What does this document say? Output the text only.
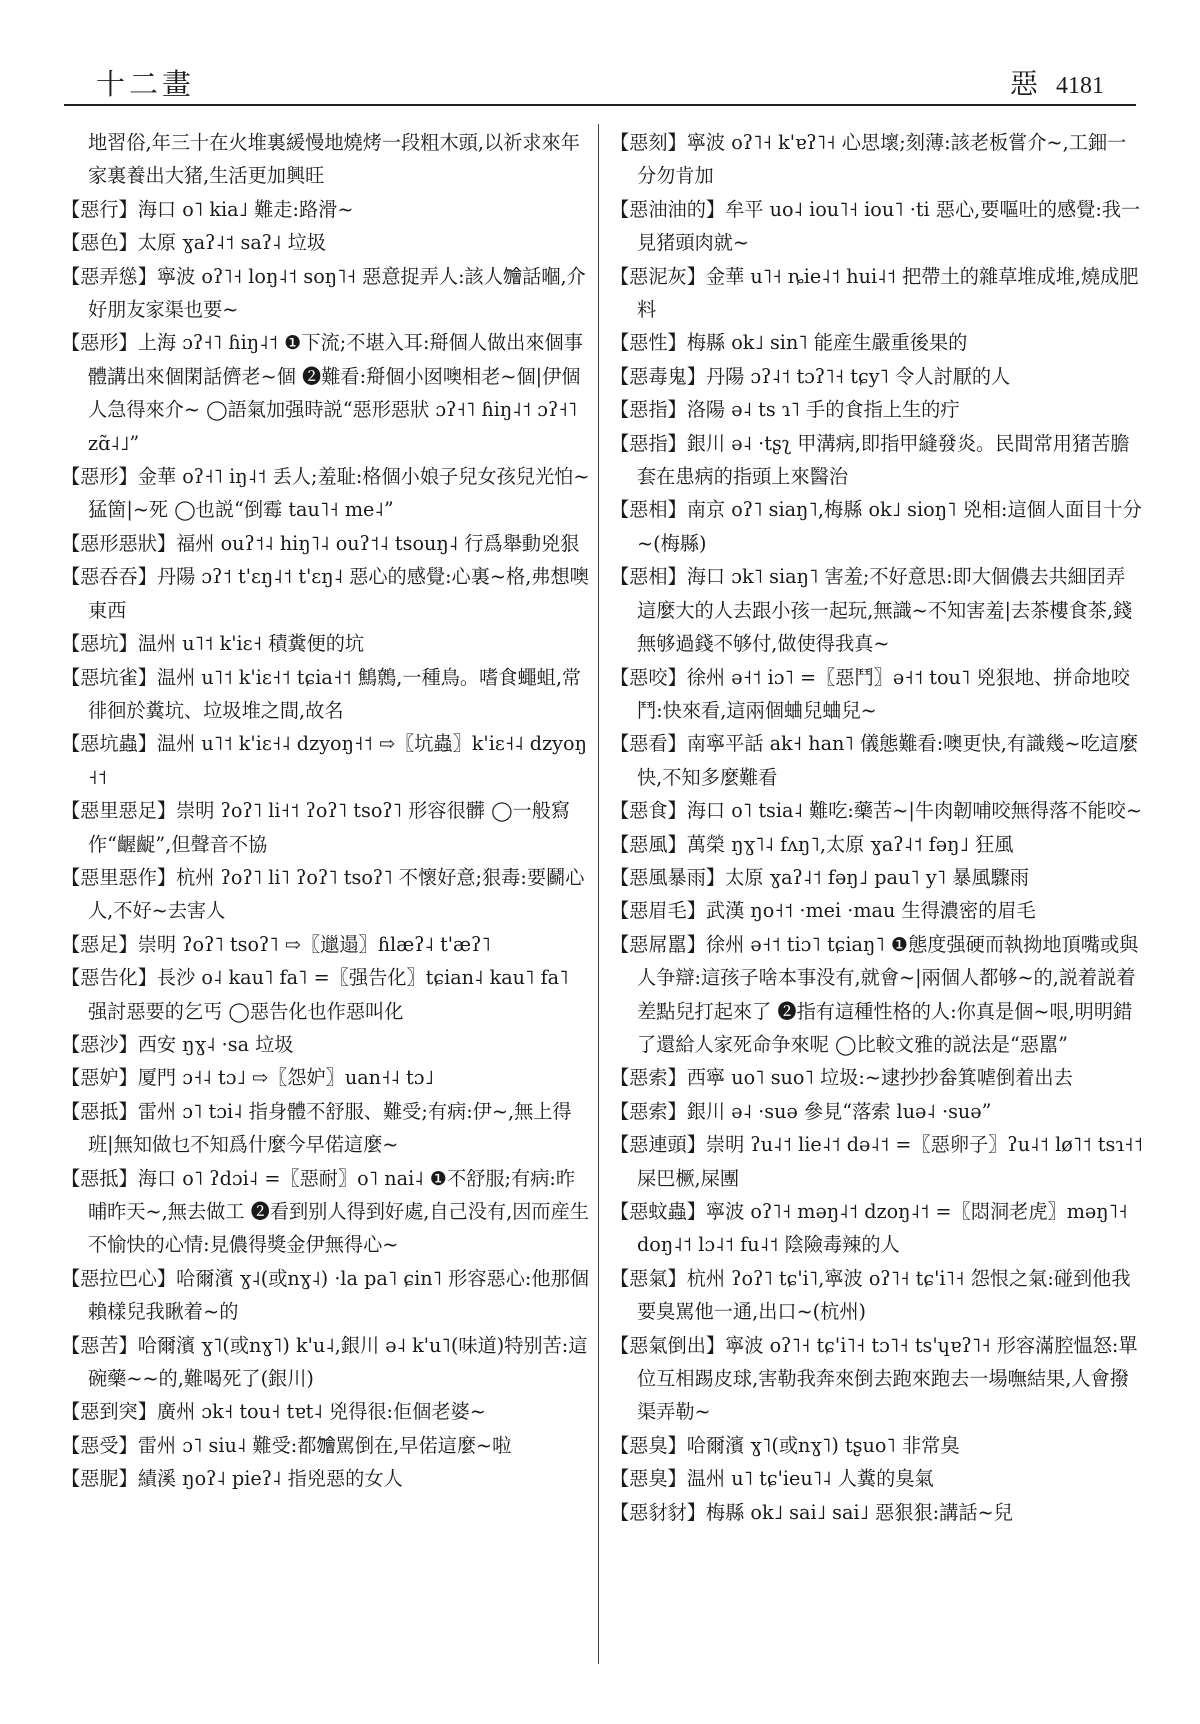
十二畫	惡 4181
地習俗,年三十在火堆裏緩慢地燒烤一段粗木頭,以祈求來年家裏養出大猪,生活更加興旺
【惡行】海口 o˥ kia˩ 難走:路滑~
【惡色】太原 ɣaʔ˨˦ saʔ˨ 垃圾
【惡弄慫】寧波 oʔ˥˧ loŋ˨˦ soŋ˥˧ 惡意捉弄人:該人𣍐話嗰,介好朋友家渠也要~
【惡形】上海 ɔʔ˧˥ ɦiŋ˨˦ ❶下流;不堪入耳:搿個人做出來個事體講出來個閑話儕老~個 ❷難看:搿個小囡噢相老~個|伊個人急得來介~ ◯語氣加强時説“惡形惡狀 ɔʔ˧˥ ɦiŋ˨˦ ɔʔ˧˥ zɑ̃˨˩”
【惡形】金華 oʔ˧˥ iŋ˨˦ 丢人;羞耻:格個小娘子兒女孩兒光怕~猛箇|~死 ◯也説“倒霉 tau˥˧ me˨”
【惡形惡狀】福州 ouʔ˦˨ hiŋ˥˨ ouʔ˦˨ tsouŋ˨ 行爲舉動兇狠
【惡吞吞】丹陽 ɔʔ˦ t'ɛŋ˨˦ t'ɛŋ˨ 惡心的感覺:心裏~格,弗想噢東西
【惡坑】温州 u˥˦ k'iɛ˧ 積糞便的坑
【惡坑雀】温州 u˥˦ k'iɛ˧˦ tɕia˧˦ 鷦鷯,一種鳥。嗜食蠅蛆,常徘徊於糞坑、垃圾堆之間,故名
【惡坑蟲】温州 u˥˦ k'iɛ˧˨ dzyoŋ˧˦ ⇨〖坑蟲〗k'iɛ˧˨ dzyoŋ˧˦
【惡里惡足】崇明 ʔoʔ˥ li˧˦ ʔoʔ˥ tsoʔ˥ 形容很髒 ◯一般寫作“齷齪”,但聲音不協
【惡里惡作】杭州 ʔoʔ˥ li˥ ʔoʔ˥ tsoʔ˥ 不懷好意;狠毒:要鬬心人,不好~去害人
【惡足】崇明 ʔoʔ˥ tsoʔ˥ ⇨〖邋遢〗ɦlæʔ˨ t'æʔ˥
【惡告化】長沙 o˨ kau˥ fa˥ =〖强告化〗tɕian˨ kau˥ fa˥ 强討惡要的乞丐 ◯惡告化也作惡叫化
【惡沙】西安 ŋɣ˨ ·sa 垃圾
【惡妒】厦門 ɔ˧˨ tɔ˩ ⇨〖怨妒〗uan˧˨ tɔ˩
【惡抵】雷州 ɔ˥ tɔi˨ 指身體不舒服、難受;有病:伊~,無上得班|無知做乜不知爲什麼今早偌這麼~
【惡抵】海口 o˥ ʔdɔi˨ =〖惡耐〗o˥ nai˨ ❶不舒服;有病:昨晡昨天~,無去做工 ❷看到别人得到好處,自己没有,因而産生不愉快的心情:見儂得獎金伊無得心~
【惡拉巴心】哈爾濱 ɣ˨(或nɣ˨) ·la pa˥ ɕin˥ 形容惡心:他那個賴樣兒我瞅着~的
【惡苦】哈爾濱 ɣ˥(或nɣ˥) k'u˨,銀川 ə˨ k'u˥(味道)特别苦:這碗藥~~的,難喝死了(銀川)
【惡到突】廣州 ɔk˧ tou˧ tɐt˨ 兇得很:佢個老婆~
【惡受】雷州 ɔ˥ siu˨ 難受:都𣍐駡倒在,早偌這麼~啦
【惡胒】績溪 ŋoʔ˨ pieʔ˨ 指兇惡的女人
【惡刻】寧波 oʔ˥˧ k'ɐʔ˥˧ 心思壞;刻薄:該老板嘗介~,工鈿一分勿肯加
【惡油油的】牟平 uo˨ iou˥˧ iou˥ ·ti 惡心,要嘔吐的感覺:我一見猪頭肉就~
【惡泥灰】金華 u˥˧ ȵie˨˦ hui˨˦ 把帶土的雜草堆成堆,燒成肥料
【惡性】梅縣 ok˩ sin˥ 能産生嚴重後果的
【惡毒鬼】丹陽 ɔʔ˨˦ tɔʔ˥˧ tɕy˥ 令人討厭的人
【惡指】洛陽 ə˨ ts ɿ˥ 手的食指上生的疔
【惡指】銀川 ə˨ ·tʂʅ 甲溝病,即指甲縫發炎。民間常用猪苦膽套在患病的指頭上來醫治
【惡相】南京 oʔ˥ siaŋ˥,梅縣 ok˩ sioŋ˥ 兇相:這個人面目十分~(梅縣)
【惡相】海口 ɔk˥ siaŋ˥ 害羞;不好意思:即大個儂去共細囝弄這麼大的人去跟小孩一起玩,無識~不知害羞|去茶樓食茶,錢無够過錢不够付,做使得我真~
【惡咬】徐州 ə˧˦ iɔ˥ =〖惡鬥〗ə˧˦ tou˥ 兇狠地、拼命地咬鬥:快來看,這兩個蛐兒蛐兒~
【惡看】南寧平話 ak˧ han˥ 儀態難看:噢更快,有識幾~吃這麼快,不知多麼難看
【惡食】海口 o˥ tsia˨ 難吃:藥苦~|牛肉韌哺咬無得落不能咬~
【惡風】萬榮 ŋɣ˥˨ fʌŋ˥,太原 ɣaʔ˨˦ fəŋ˩ 狂風
【惡風暴雨】太原 ɣaʔ˨˦ fəŋ˩ pau˥ y˥ 暴風驟雨
【惡眉毛】武漢 ŋo˧˦ ·mei ·mau 生得濃密的眉毛
【惡屌嚚】徐州 ə˧˦ tiɔ˥ tɕiaŋ˥ ❶態度强硬而執拗地頂嘴或與人争辯:這孩子啥本事没有,就會~|兩個人都够~的,説着説着差點兒打起來了 ❷指有這種性格的人:你真是個~哏,明明錯了還給人家死命争來呢 ◯比較文雅的説法是“惡嚚”
【惡索】西寧 uo˥ suo˥ 垃圾:~逮抄抄畚箕㖸倒着出去
【惡索】銀川 ə˨ ·suə 參見“落索 luə˨ ·suə”
【惡連頭】崇明 ʔu˨˦ lie˨˦ də˨˦ =〖惡卵子〗ʔu˨˦ lø˥˦ tsɿ˧˦ 屎巴橛,屎團
【惡蚊蟲】寧波 oʔ˥˧ məŋ˨˦ dzoŋ˨˦ =〖悶洞老虎〗məŋ˥˧ doŋ˨˦ lɔ˨˦ fu˨˦ 陰險毒辣的人
【惡氣】杭州 ʔoʔ˥ tɕ'i˥,寧波 oʔ˥˧ tɕ'i˥˧ 怨恨之氣:碰到他我要臭駡他一通,出口~(杭州)
【惡氣倒出】寧波 oʔ˥˧ tɕ'i˥˧ tɔ˥˧ ts'ɥɐʔ˥˧ 形容滿腔愠怒:單位互相踢皮球,害勒我奔來倒去跑來跑去一場嘸結果,人會撥渠弄勒~
【惡臭】哈爾濱 ɣ˥(或nɣ˥) tʂuo˥ 非常臭
【惡臭】温州 u˥ tɕ'ieu˥˨ 人糞的臭氣
【惡豺豺】梅縣 ok˩ sai˩ sai˩ 惡狠狠:講話~兒
